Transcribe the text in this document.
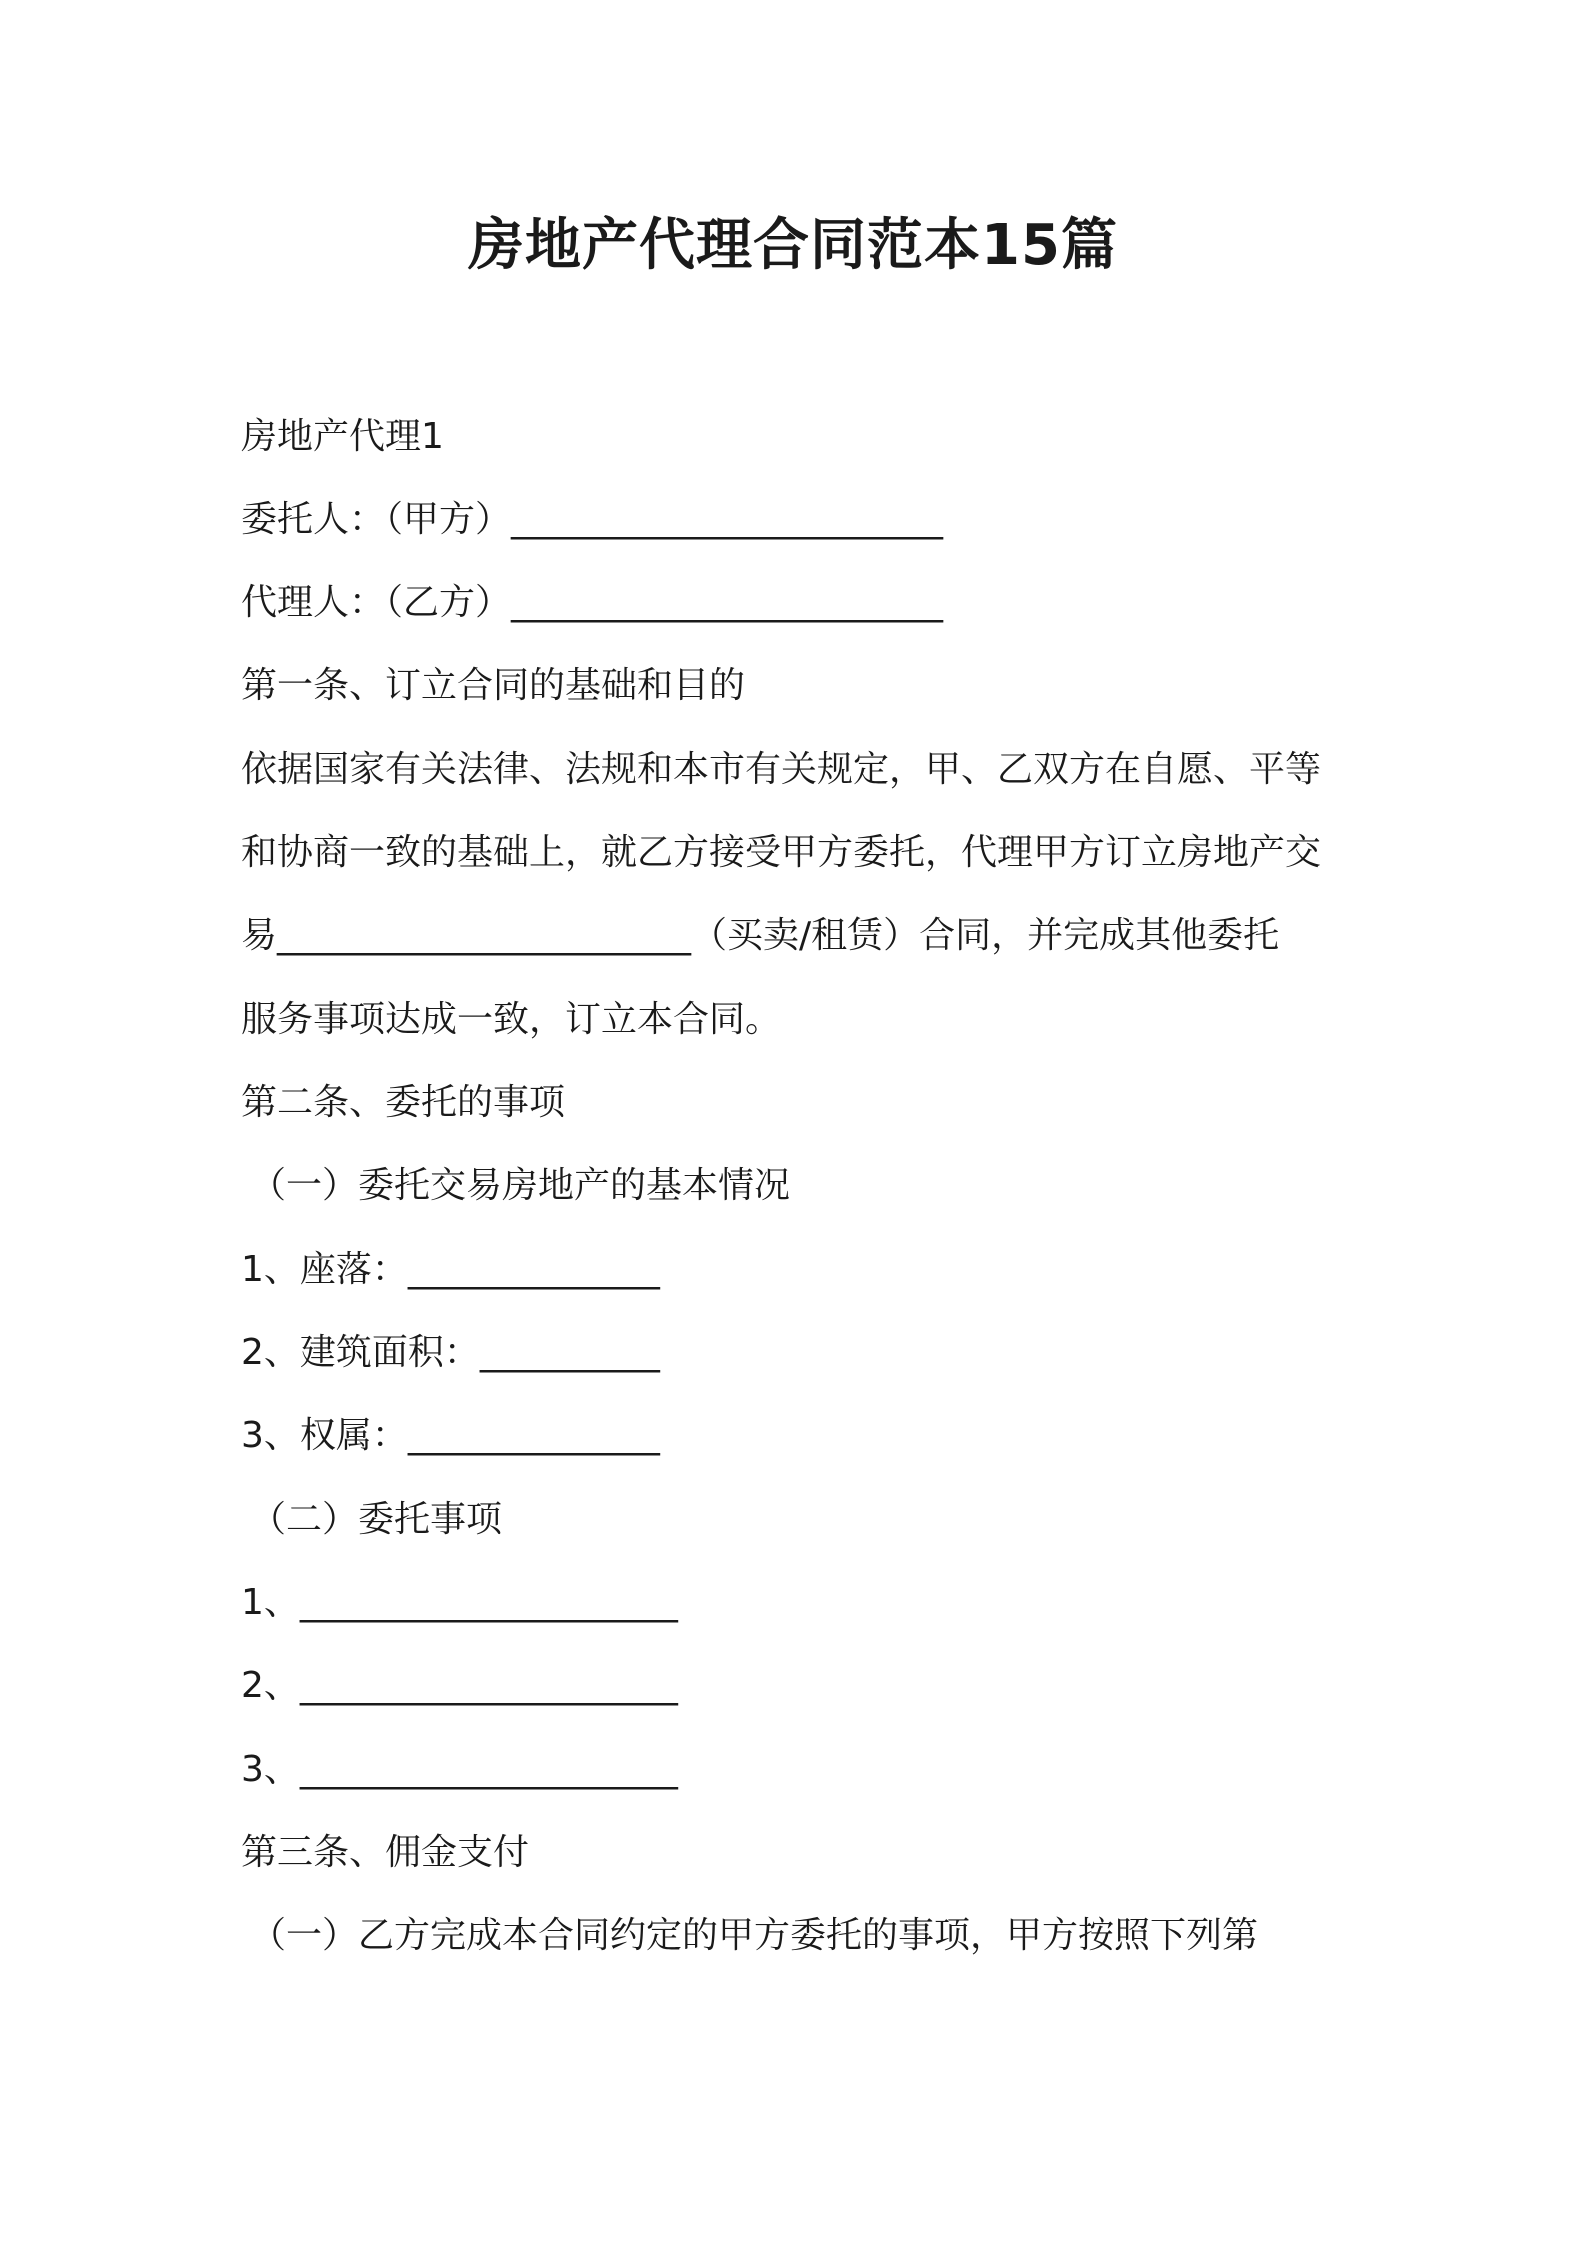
房地产代理合同范本15篇
房地产代理1
委托人：（甲方）________________________
代理人：（乙方）________________________
第一条、订立合同的基础和目的
依据国家有关法律、法规和本市有关规定，甲、乙双方在自愿、平等
和协商一致的基础上，就乙方接受甲方委托，代理甲方订立房地产交
易_______________________（买卖/租赁）合同，并完成其他委托
服务事项达成一致，订立本合同。
第二条、委托的事项
（一）委托交易房地产的基本情况
1、座落：______________
2、建筑面积：__________
3、权属：______________
（二）委托事项
1、_____________________
2、_____________________
3、_____________________
第三条、佣金支付
（一）乙方完成本合同约定的甲方委托的事项，甲方按照下列第
